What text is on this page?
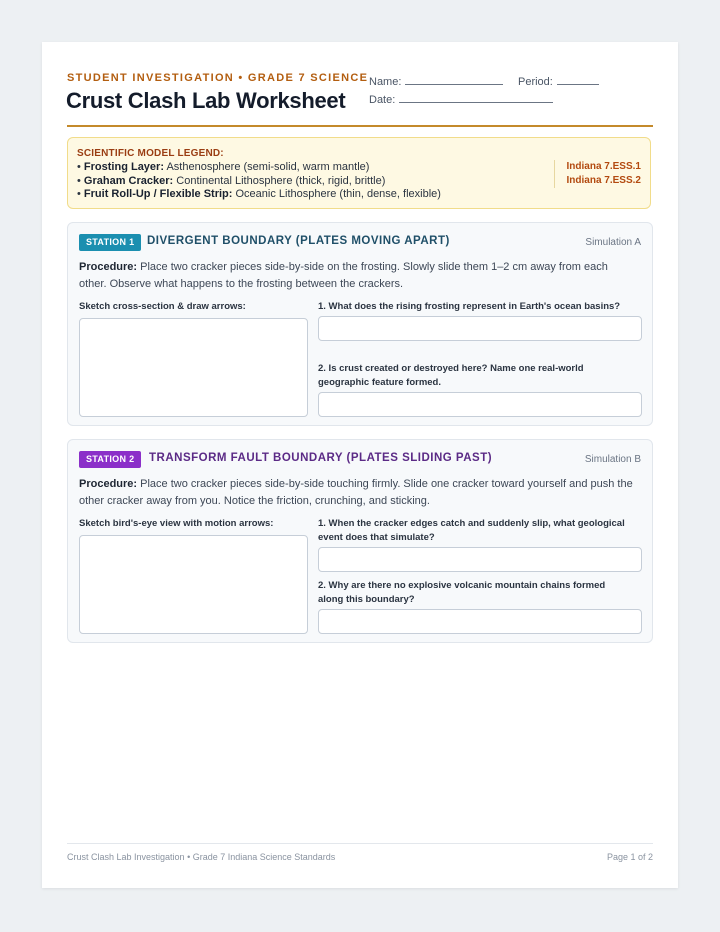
STUDENT INVESTIGATION • GRADE 7 SCIENCE
Crust Clash Lab Worksheet
Name:	Period:
Date:
SCIENTIFIC MODEL LEGEND:
• Frosting Layer: Asthenosphere (semi-solid, warm mantle)
• Graham Cracker: Continental Lithosphere (thick, rigid, brittle)
• Fruit Roll-Up / Flexible Strip: Oceanic Lithosphere (thin, dense, flexible)
Indiana 7.ESS.1
Indiana 7.ESS.2
STATION 1	DIVERGENT BOUNDARY (PLATES MOVING APART)	Simulation A
Procedure: Place two cracker pieces side-by-side on the frosting. Slowly slide them 1–2 cm away from each other. Observe what happens to the frosting between the crackers.
Sketch cross-section & draw arrows:	1. What does the rising frosting represent in Earth's ocean basins?
2. Is crust created or destroyed here? Name one real-world geographic feature formed.
STATION 2	TRANSFORM FAULT BOUNDARY (PLATES SLIDING PAST)	Simulation B
Procedure: Place two cracker pieces side-by-side touching firmly. Slide one cracker toward yourself and push the other cracker away from you. Notice the friction, crunching, and sticking.
Sketch bird's-eye view with motion arrows:	1. When the cracker edges catch and suddenly slip, what geological event does that simulate?
2. Why are there no explosive volcanic mountain chains formed along this boundary?
Crust Clash Lab Investigation • Grade 7 Indiana Science Standards	Page 1 of 2
